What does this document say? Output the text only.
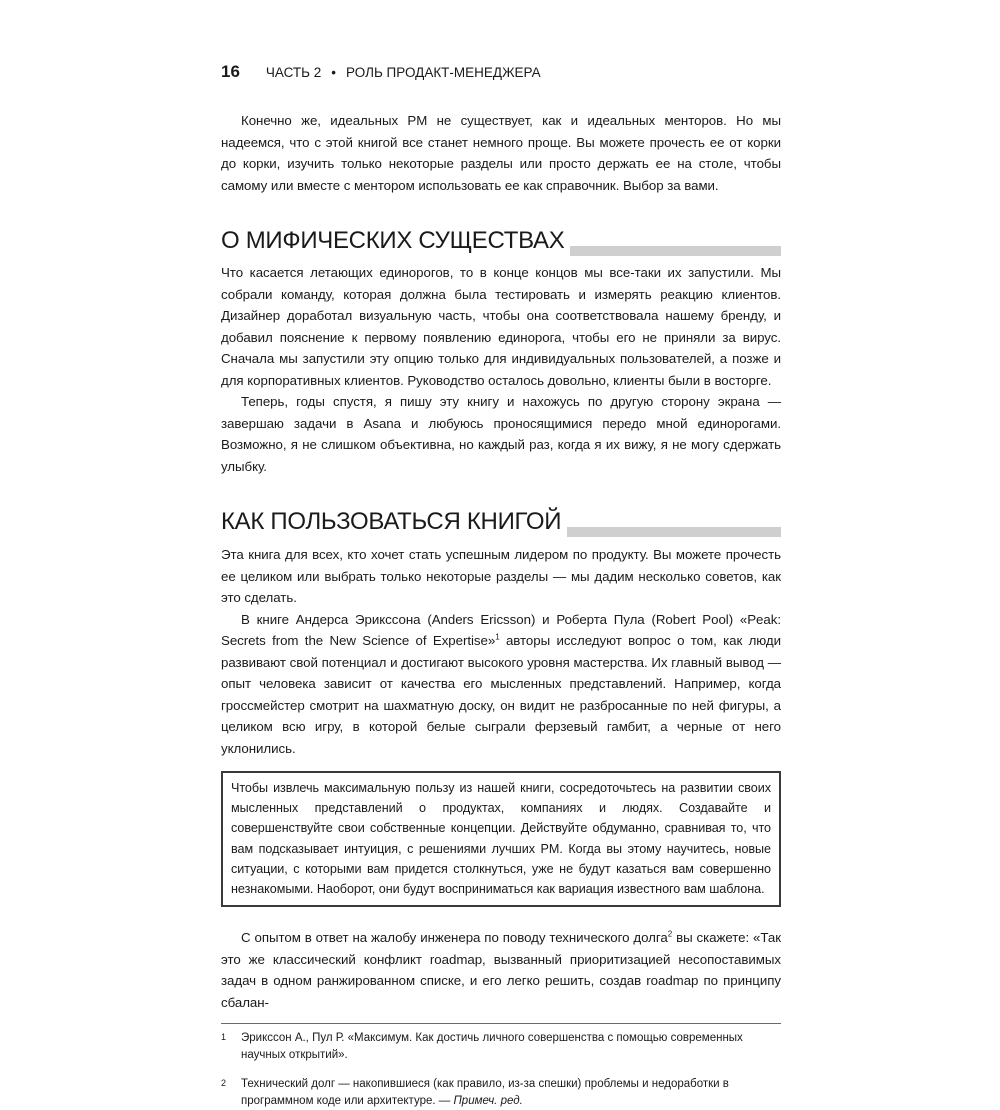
16 ЧАСТЬ 2 • РОЛЬ ПРОДАКТ-МЕНЕДЖЕРА

Конечно же, идеальных PM не существует, как и идеальных менторов. Но мы надеемся, что с этой книгой все станет немного проще. Вы можете прочесть ее от корки до корки, изучить только некоторые разделы или просто держать ее на столе, чтобы самому или вместе с ментором использовать ее как справочник. Выбор за вами.

О МИФИЧЕСКИХ СУЩЕСТВАХ

Что касается летающих единорогов, то в конце концов мы все-таки их запустили. Мы собрали команду, которая должна была тестировать и измерять реакцию клиентов. Дизайнер доработал визуальную часть, чтобы она соответствовала нашему бренду, и добавил пояснение к первому появлению единорога, чтобы его не приняли за вирус. Сначала мы запустили эту опцию только для индивидуальных пользователей, а позже и для корпоративных клиентов. Руководство осталось довольно, клиенты были в восторге.

Теперь, годы спустя, я пишу эту книгу и нахожусь по другую сторону экрана — завершаю задачи в Asana и любуюсь проносящимися передо мной единорогами. Возможно, я не слишком объективна, но каждый раз, когда я их вижу, я не могу сдержать улыбку.

КАК ПОЛЬЗОВАТЬСЯ КНИГОЙ

Эта книга для всех, кто хочет стать успешным лидером по продукту. Вы можете прочесть ее целиком или выбрать только некоторые разделы — мы дадим несколько советов, как это сделать.

В книге Андерса Эрикссона (Anders Ericsson) и Роберта Пула (Robert Pool) «Peak: Secrets from the New Science of Expertise»$^1$ авторы исследуют вопрос о том, как люди развивают свой потенциал и достигают высокого уровня мастерства. Их главный вывод — опыт человека зависит от качества его мысленных представлений. Например, когда гроссмейстер смотрит на шахматную доску, он видит не разбросанные по ней фигуры, а целиком всю игру, в которой белые сыграли ферзевый гамбит, а черные от него уклонились.

Чтобы извлечь максимальную пользу из нашей книги, сосредоточьтесь на развитии своих мысленных представлений о продуктах, компаниях и людях. Создавайте и совершенствуйте свои собственные концепции. Действуйте обдуманно, сравнивая то, что вам подсказывает интуиция, с решениями лучших PM. Когда вы этому научитесь, новые ситуации, с которыми вам придется столкнуться, уже не будут казаться вам совершенно незнакомыми. Наоборот, они будут восприниматься как вариация известного вам шаблона.

С опытом в ответ на жалобу инженера по поводу технического долга$^2$ вы скажете: «Так это же классический конфликт roadmap, вызванный приоритизацией несопоставимых задач в одном ранжированном списке, и его легко решить, создав roadmap по принципу сбалан-

1	Эрикссон А., Пул Р. «Максимум. Как достичь личного совершенства с помощью современных научных открытий».
2	Технический долг — накопившиеся (как правило, из-за спешки) проблемы и недоработки в программном коде или архитектуре. — Примеч. ред.
